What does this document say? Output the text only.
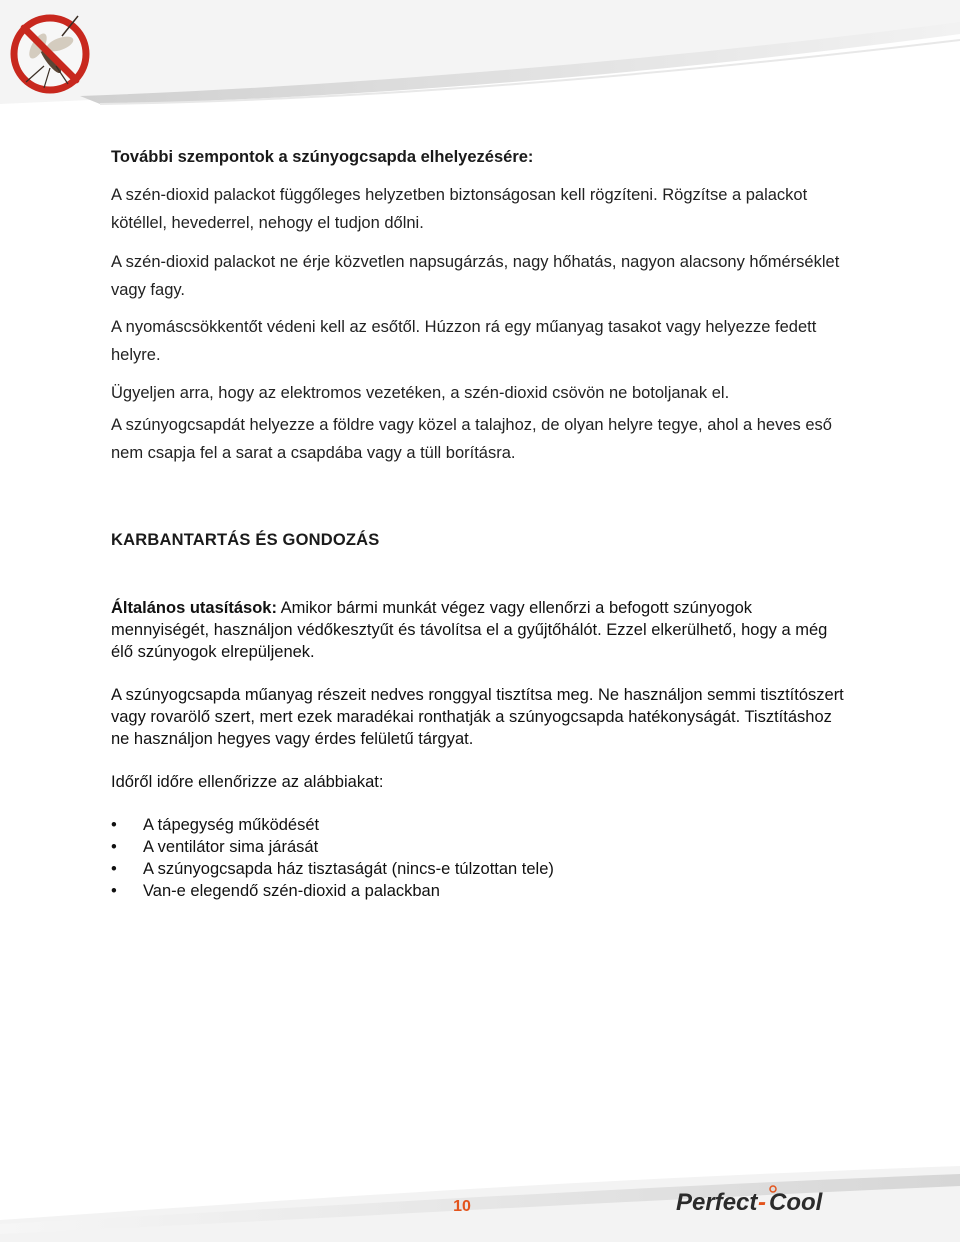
További szempontok a szúnyogcsapda elhelyezésére:

A szén-dioxid palackot függőleges helyzetben biztonságosan kell rögzíteni. Rögzítse a palackot kötéllel, hevederrel, nehogy el tudjon dőlni.

A szén-dioxid palackot ne érje közvetlen napsugárzás, nagy hőhatás, nagyon alacsony hőmérséklet vagy fagy.

A nyomáscsökkentőt védeni kell az esőtől. Húzzon rá egy műanyag tasakot vagy helyezze fedett helyre.

Ügyeljen arra, hogy az elektromos vezetéken, a szén-dioxid csövön ne botoljanak el.

A szúnyogcsapdát helyezze a földre vagy közel a talajhoz, de olyan helyre tegye, ahol a heves eső nem csapja fel a sarat a csapdába vagy a tüll borításra.

KARBANTARTÁS ÉS GONDOZÁS

Általános utasítások: Amikor bármi munkát végez vagy ellenőrzi a befogott szúnyogok mennyiségét, használjon védőkesztyűt és távolítsa el a gyűjtőhálót. Ezzel elkerülhető, hogy a még élő szúnyogok elrepüljenek.

A szúnyogcsapda műanyag részeit nedves ronggyal tisztítsa meg. Ne használjon semmi tisztítószert vagy rovarölő szert, mert ezek maradékai ronthatják a szúnyogcsapda hatékonyságát. Tisztításhoz ne használjon hegyes vagy érdes felületű tárgyat.

Időről időre ellenőrizze az alábbiakat:

• A tápegység működését
• A ventilátor sima járását
• A szúnyogcsapda ház tisztaságát (nincs-e túlzottan tele)
• Van-e elegendő szén-dioxid a palackban
10	Perfect - Cool
